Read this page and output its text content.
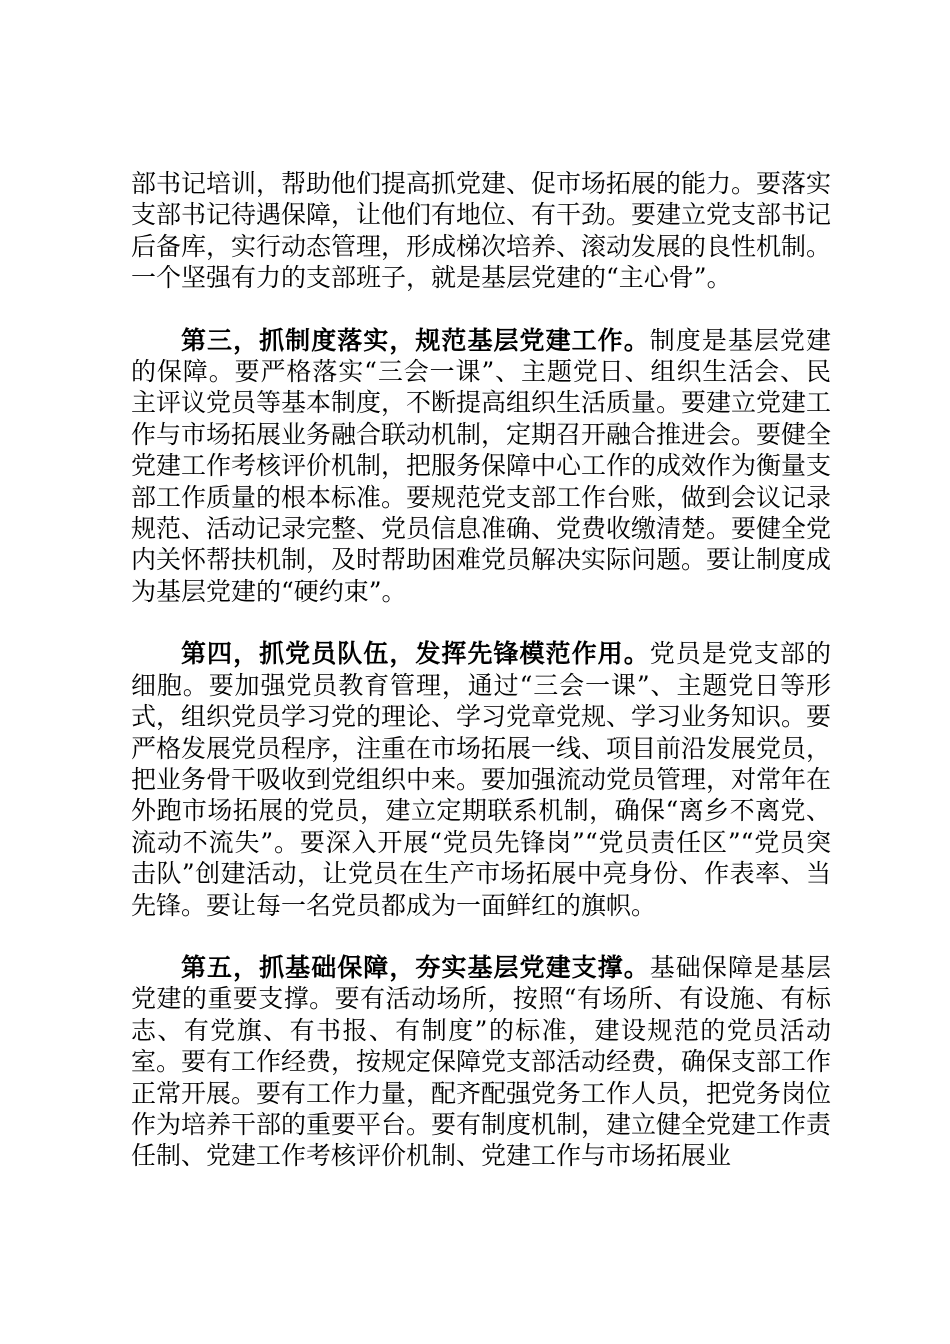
部书记培训，帮助他们提高抓党建、促市场拓展的能力。要落实支部书记待遇保障，让他们有地位、有干劲。要建立党支部书记后备库，实行动态管理，形成梯次培养、滚动发展的良性机制。一个坚强有力的支部班子，就是基层党建的“主心骨”。

第三，抓制度落实，规范基层党建工作。制度是基层党建的保障。要严格落实“三会一课”、主题党日、组织生活会、民主评议党员等基本制度，不断提高组织生活质量。要建立党建工作与市场拓展业务融合联动机制，定期召开融合推进会。要健全党建工作考核评价机制，把服务保障中心工作的成效作为衡量支部工作质量的根本标准。要规范党支部工作台账，做到会议记录规范、活动记录完整、党员信息准确、党费收缴清楚。要健全党内关怀帮扶机制，及时帮助困难党员解决实际问题。要让制度成为基层党建的“硬约束”。

第四，抓党员队伍，发挥先锋模范作用。党员是党支部的细胞。要加强党员教育管理，通过“三会一课”、主题党日等形式，组织党员学习党的理论、学习党章党规、学习业务知识。要严格发展党员程序，注重在市场拓展一线、项目前沿发展党员，把业务骨干吸收到党组织中来。要加强流动党员管理，对常年在外跑市场拓展的党员，建立定期联系机制，确保“离乡不离党、流动不流失”。要深入开展“党员先锋岗”“党员责任区”“党员突击队”创建活动，让党员在生产市场拓展中亮身份、作表率、当先锋。要让每一名党员都成为一面鲜红的旗帜。

第五，抓基础保障，夯实基层党建支撑。基础保障是基层党建的重要支撑。要有活动场所，按照“有场所、有设施、有标志、有党旗、有书报、有制度”的标准，建设规范的党员活动室。要有工作经费，按规定保障党支部活动经费，确保支部工作正常开展。要有工作力量，配齐配强党务工作人员，把党务岗位作为培养干部的重要平台。要有制度机制，建立健全党建工作责任制、党建工作考核评价机制、党建工作与市场拓展业
